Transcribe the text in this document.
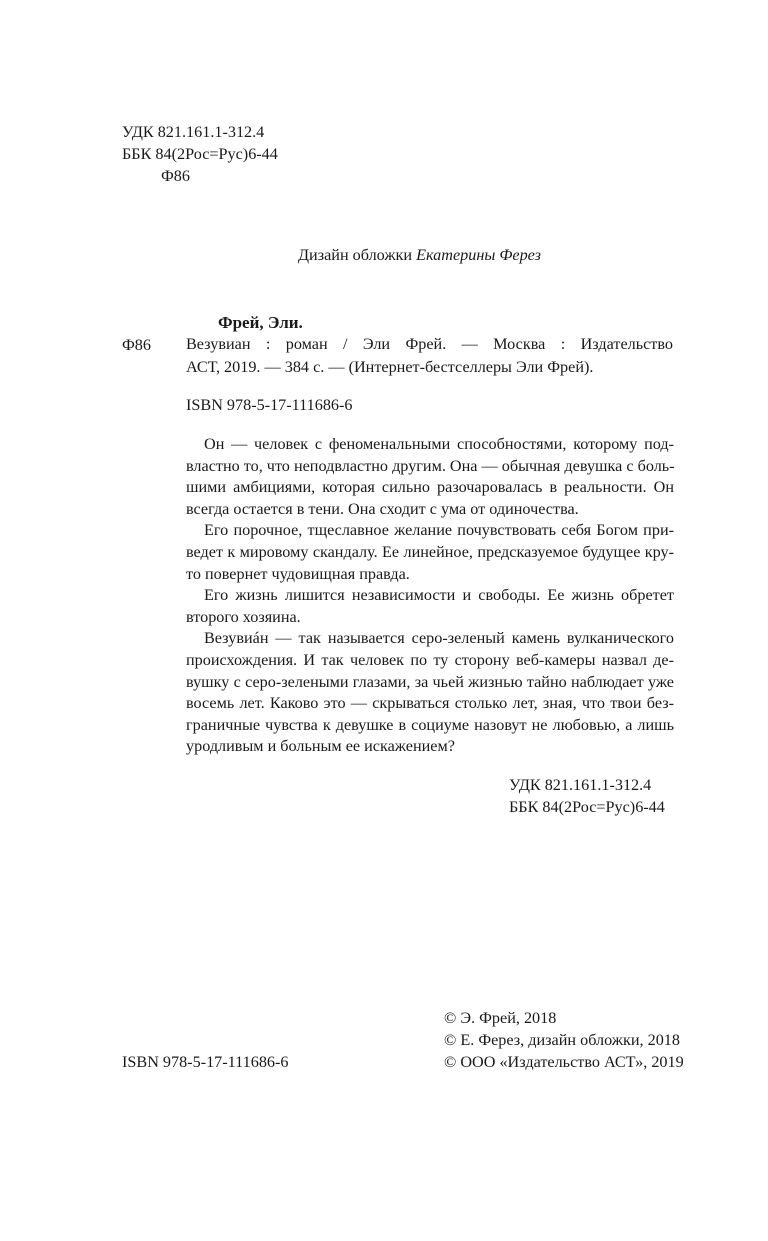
УДК 821.161.1-312.4
ББК 84(2Рос=Рус)6-44
Ф86
Дизайн обложки Екатерины Ферез
Фрей, Эли.
Ф86 Везувиан : роман / Эли Фрей. — Москва : Издательство
АСТ, 2019. — 384 с. — (Интернет-бестселлеры Эли Фрей).
ISBN 978-5-17-111686-6
Он — человек с феноменальными способностями, которому под-
властно то, что неподвластно другим. Она — обычная девушка с боль-
шими амбициями, которая сильно разочаровалась в реальности. Он
всегда остается в тени. Она сходит с ума от одиночества.
Его порочное, тщеславное желание почувствовать себя Богом при-
ведет к мировому скандалу. Ее линейное, предсказуемое будущее кру-
то повернет чудовищная правда.
Его жизнь лишится независимости и свободы. Ее жизнь обретет
второго хозяина.
Везувиáн — так называется серо-зеленый камень вулканического
происхождения. И так человек по ту сторону веб-камеры назвал де-
вушку с серо-зелеными глазами, за чьей жизнью тайно наблюдает уже
восемь лет. Каково это — скрываться столько лет, зная, что твои без-
граничные чувства к девушке в социуме назовут не любовью, а лишь
уродливым и больным ее искажением?
УДК 821.161.1-312.4
ББК 84(2Рос=Рус)6-44
© Э. Фрей, 2018
© Е. Ферез, дизайн обложки, 2018
© ООО «Издательство АСТ», 2019
ISBN 978-5-17-111686-6
